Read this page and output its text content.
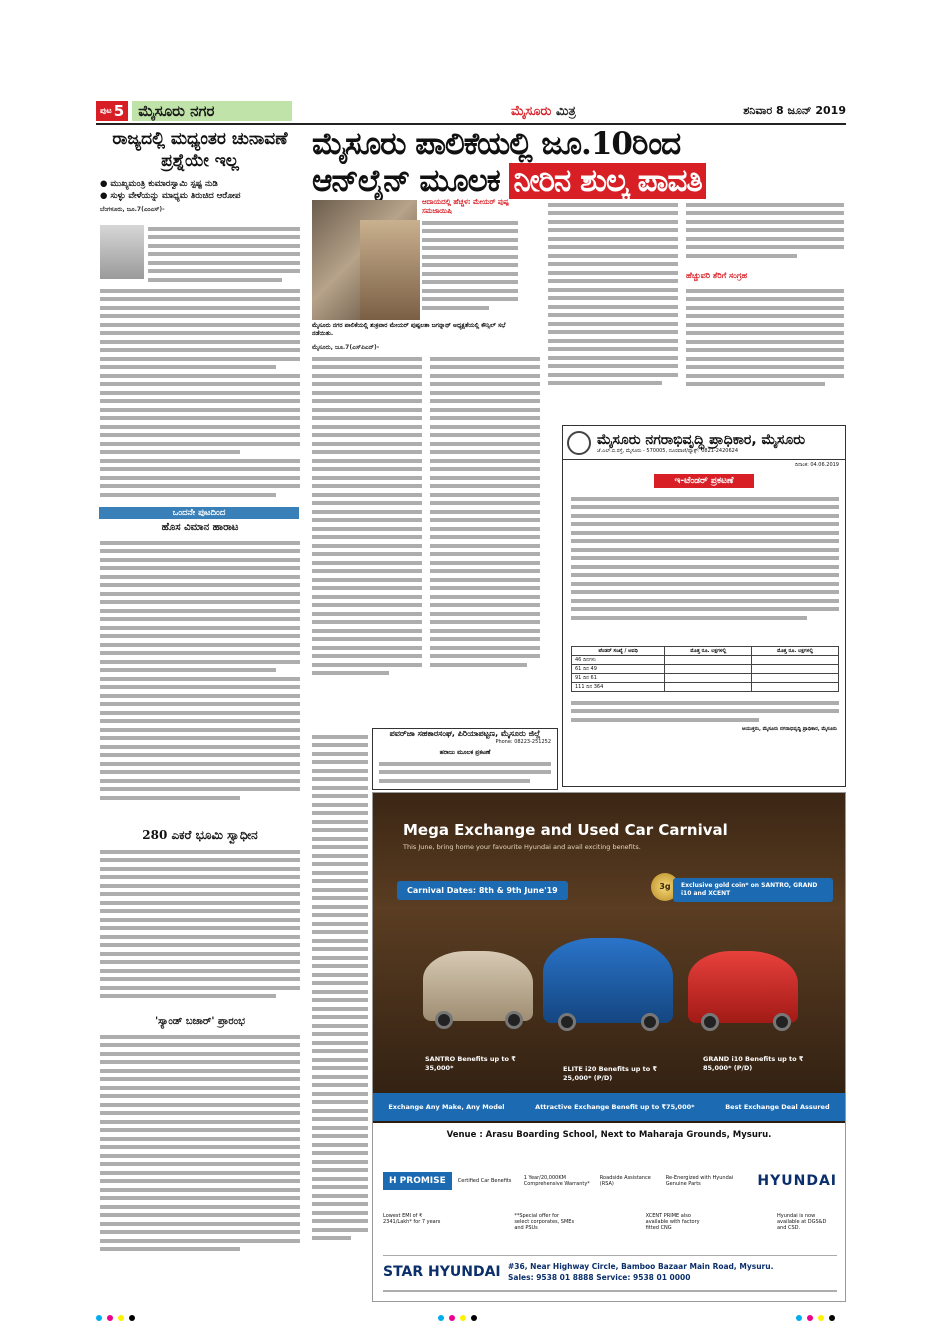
ಪುಟ 5 ಮೈಸೂರು ನಗರ	ಮೈಸೂರು ಮಿತ್ರ	ಶನಿವಾರ 8 ಜೂನ್ 2019
ರಾಜ್ಯದಲ್ಲಿ ಮಧ್ಯಂತರ ಚುನಾವಣೆ ಪ್ರಶ್ನೆಯೇ ಇಲ್ಲ
● ಮುಖ್ಯಮಂತ್ರಿ ಕುಮಾರಸ್ವಾಮಿ ಸ್ಪಷ್ಟ ನುಡಿ
● ಸುಳ್ಳು ವೇಳೆಯನ್ನು ಮಾಧ್ಯಮ ತಿರುಚಿದ ಆರೋಪ
ಬೆಂಗಳೂರು, ಜೂ.7(ಎಂಎಸ್)-
ಒಂದನೇ ಪುಟದಿಂದ
ಹೊಸ ವಿಮಾನ ಹಾರಾಟ
280 ಎಕರೆ ಭೂಮಿ ಸ್ವಾಧೀನ
'ಸ್ಯಾಂಡ್ ಬಜಾರ್' ಪ್ರಾರಂಭ
ಮೈಸೂರು ಪಾಲಿಕೆಯಲ್ಲಿ ಜೂ.10ರಿಂದ
ಆನ್‌ಲೈನ್ ಮೂಲಕ ನೀರಿನ ಶುಲ್ಕ ಪಾವತಿ
ಮೈಸೂರು ನಗರ ಪಾಲಿಕೆಯಲ್ಲಿ ಶುಕ್ರವಾರ ಮೇಯರ್ ಪುಷ್ಪಲತಾ ಜಗನ್ನಾಥ್ ಅಧ್ಯಕ್ಷತೆಯಲ್ಲಿ ಕೌನ್ಸಿಲ್ ಸಭೆ ನಡೆಯಿತು.
ಆದಾಯದಲ್ಲಿ ಹೆಚ್ಚಳ: ಮೇಯರ್ ಪುಷ್ಪ ಸಮಜಾಯಿಷಿ
ಮೈಸೂರು, ಜೂ.7(ಎಸ್‌ಪಿಎನ್)-
ಹೆಚ್ಚುವರಿ ತೆರಿಗೆ ಸಂಗ್ರಹ
ಪವರ್‌ಜಾ ಸಹಕಾರಸಂಘ, ಪಿರಿಯಾಪಟ್ಟಣ, ಮೈಸೂರು ಜಿಲ್ಲೆ
Phone: 08223-251252
ಹರಾಜು ಮೂಲಕ ಪ್ರಕಟಣೆ
ಮೈಸೂರು ನಗರಾಭಿವೃದ್ಧಿ ಪ್ರಾಧಿಕಾರ, ಮೈಸೂರು
ಜೆ.ಎಲ್.ಬಿ.ರಸ್ತೆ, ಮೈಸೂರು - 570005, ದೂರವಾಣಿ/ಫ್ಯಾಕ್ಸ್: 0821-2420624
ದಿನಾಂಕ: 04.06.2019
ಇ-ಟೆಂಡರ್ ಪ್ರಕಟಣೆ
ಟೆಂಡರ್ ಸಂಖ್ಯೆ / ಅವಧಿ	ಮೊತ್ತ ರೂ. ಲಕ್ಷಗಳಲ್ಲಿ	ಮೊತ್ತ ರೂ. ಲಕ್ಷಗಳಲ್ಲಿ
46 ದಿನಗಳು		
61 ದಿನ 49		
91 ದಿನ 61		
111 ದಿನ 364		
ಆಯುಕ್ತರು, ಮೈಸೂರು ನಗರಾಭಿವೃದ್ಧಿ ಪ್ರಾಧಿಕಾರ, ಮೈಸೂರು
Mega Exchange and Used Car Carnival
This June, bring home your favourite Hyundai and avail exciting benefits.
Carnival Dates: 8th & 9th June'19	3g	Exclusive gold coin* on SANTRO, GRAND i10 and XCENT
SANTRO Benefits up to ₹ 35,000*	ELITE i20 Benefits up to ₹ 25,000* (P/D)
GRAND i10 Benefits up to ₹ 85,000* (P/D)
Exchange Any Make, Any Model	Attractive Exchange Benefit up to ₹75,000*	Best Exchange Deal Assured
Venue : Arasu Boarding School, Next to Maharaja Grounds, Mysuru.
H PROMISE	Certified Car Benefits	1 Year/20,000KM Comprehensive Warranty*
Roadside Assistance (RSA)
Re-Energized with Hyundai Genuine Parts	HYUNDAI
Lowest EMI of ₹ 2341/Lakh* for 7 years
**Special offer for select corporates, SMEs and PSUs
XCENT PRIME also available with factory fitted CNG
Hyundai is now available at DGS&D and CSD.
STAR HYUNDAI #36, Near Highway Circle, Bamboo Bazaar Main Road, Mysuru.
Sales: 9538 01 8888 Service: 9538 01 0000
